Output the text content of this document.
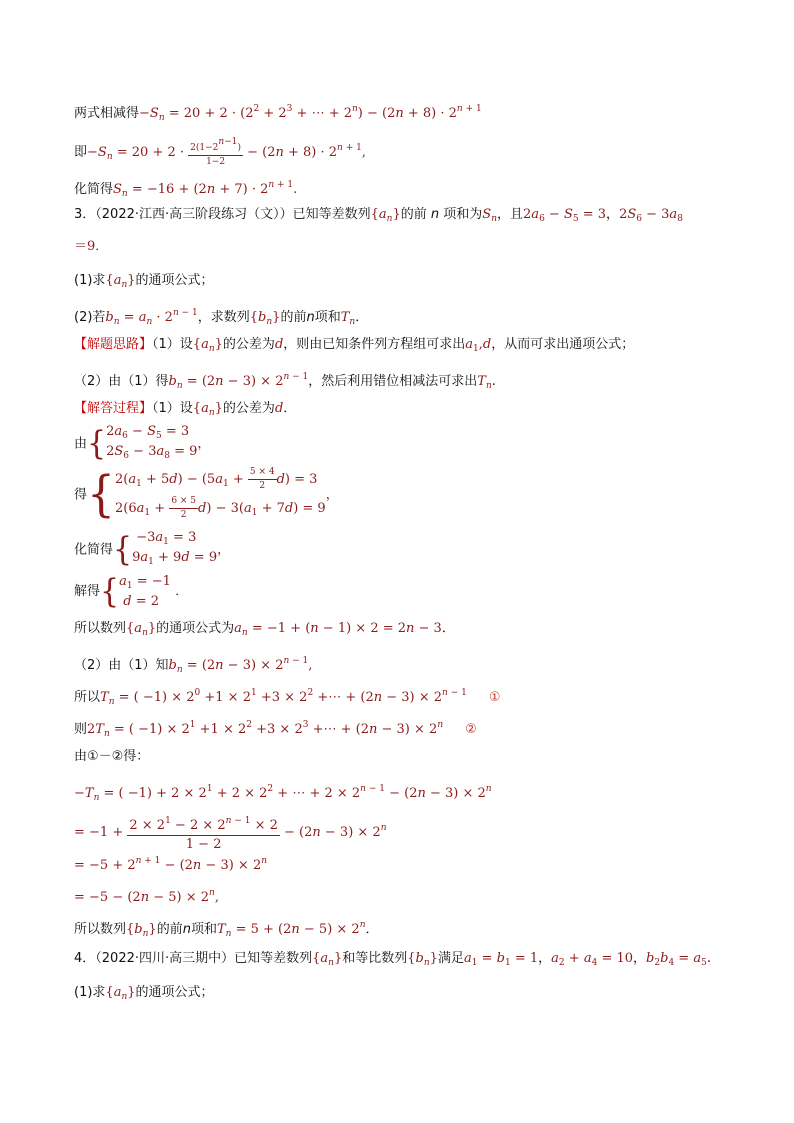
两式相减得$-S_n = 20 + 2 \cdot (2^2 + 2^3$ + ⋯ + $2^n) - (2n + 8) \cdot 2^{n + 1}$
即$-S_n = 20 + 2 \cdot \frac{2(1-2n-1)}{1-2} - (2n + 8) \cdot 2^{n + 1}$,
化简得$S_n = -16 + (2n + 7) \cdot 2^{n + 1}$.
3．（2022·江西·高三阶段练习（文））已知等差数列$\{a_n\}$的前 n 项和为$S_n$，且$2a_6 - S_5 = 3$，$2S_6 - 3a_8$
＝9．
(1)求$\{a_n\}$的通项公式；
(2)若$b_n = a_n \cdot 2^{n - 1}$，求数列$\{b_n\}$的前n项和$T_n$．
【解题思路】（1）设$\{a_n\}$的公差为d，则由已知条件列方程组可求出$a_1,d$，从而可求出通项公式；
（2）由（1）得$b_n = (2n - 3) \times 2^{n - 1}$，然后利用错位相减法可求出$T_n$.
【解答过程】（1）设$\{a_n\}$的公差为d．
由{ $2a_6 - S_5 = 3$
$2S_6 - 3a_8 = 9$ ，
得{ $2(a_1 + 5d) - (5a_1 + \frac{5 \times 4}{2} d) = 3$
$2(6a_1 + \frac{6 \times 5}{2} d) - 3(a_1 + 7d) = 9$
，
化简得{ $-3a_1 = 3$
$9a_1 + 9d = 9$ ，
解得{ $a_1 = -1$
d = 2
．
所以数列$\{a_n\}$的通项公式为$a_n = -1 + (n - 1) \times 2 = 2n - 3$．
（2）由（1）知$b_n = (2n - 3) \times 2^{n - 1}$,
所以$T_n$ = ( $-1) \times 2^0 +1 \times 2^1 +3 \times 2^2$ +⋯ + $(2n - 3) \times 2^{n - 1}$ ①
则$2T_n$ = ( $-1) \times 2^1 +1 \times 2^2 +3 \times 2^3$ +⋯ + $(2n - 3) \times 2^n$ ②
由①－②得：
$-T_n$ = ( $-1) + 2 \times 2^1 + 2 \times 2^2$ + ⋯ + $2 \times 2^{n - 1} - (2n - 3) \times 2^n$
= $-1 + \frac{2 \times 2^1 - 2 \times 2^{n - 1} \times 2}{1 - 2} - (2n - 3) \times 2^n$
= $-5 + 2^{n + 1} - (2n - 3) \times 2^n$
= $-5 - (2n - 5) \times 2^n$,
所以数列$\{b_n\}$的前n项和$T_n = 5 + (2n - 5) \times 2^n$．
4．（2022·四川·高三期中）已知等差数列$\{a_n\}$和等比数列$\{b_n\}$满足$a_1 = b_1 = 1$，$a_2 + a_4 = 10$，$b_2b_4 = a_5$.
(1)求$\{a_n\}$的通项公式；
